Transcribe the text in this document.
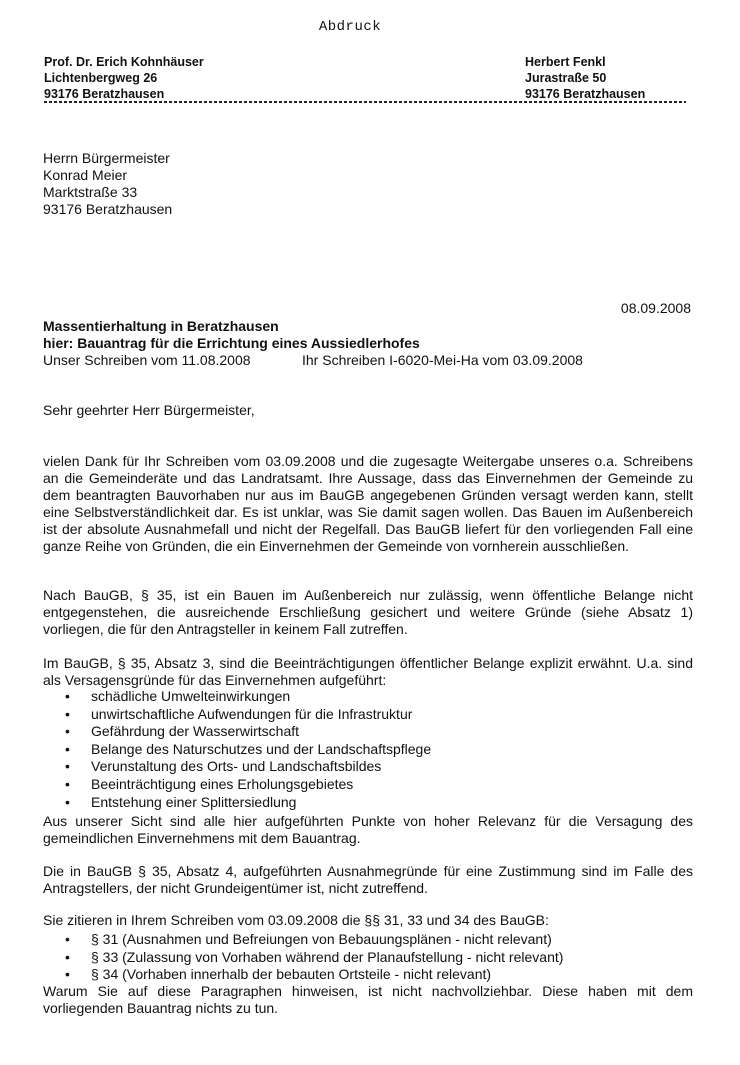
Abdruck
Prof. Dr. Erich Kohnhäuser
Lichtenbergweg 26
93176 Beratzhausen
Herbert Fenkl
Jurastraße 50
93176 Beratzhausen
Herrn Bürgermeister
Konrad Meier
Marktstraße 33
93176 Beratzhausen
08.09.2008
Massentierhaltung in Beratzhausen
hier: Bauantrag für die Errichtung eines Aussiedlerhofes
Unser Schreiben vom 11.08.2008	Ihr Schreiben I-6020-Mei-Ha vom 03.09.2008
Sehr geehrter Herr Bürgermeister,
vielen Dank für Ihr Schreiben vom 03.09.2008 und die zugesagte Weitergabe unseres o.a. Schreibens an die Gemeinderäte und das Landratsamt. Ihre Aussage, dass das Einvernehmen der Gemeinde zu dem beantragten Bauvorhaben nur aus im BauGB angegebenen Gründen versagt werden kann, stellt eine Selbstverständlichkeit dar. Es ist unklar, was Sie damit sagen wollen. Das Bauen im Außenbereich ist der absolute Ausnahmefall und nicht der Regelfall. Das BauGB liefert für den vorliegenden Fall eine ganze Reihe von Gründen, die ein Einvernehmen der Gemeinde von vornherein ausschließen.
Nach BauGB, § 35, ist ein Bauen im Außenbereich nur zulässig, wenn öffentliche Belange nicht entgegenstehen, die ausreichende Erschließung gesichert und weitere Gründe (siehe Absatz 1) vorliegen, die für den Antragsteller in keinem Fall zutreffen.
Im BauGB, § 35, Absatz 3, sind die Beeinträchtigungen öffentlicher Belange explizit erwähnt. U.a. sind als Versagensgründe für das Einvernehmen aufgeführt:
• schädliche Umwelteinwirkungen
• unwirtschaftliche Aufwendungen für die Infrastruktur
• Gefährdung der Wasserwirtschaft
• Belange des Naturschutzes und der Landschaftspflege
• Verunstaltung des Orts- und Landschaftsbildes
• Beeinträchtigung eines Erholungsgebietes
• Entstehung einer Splittersiedlung
Aus unserer Sicht sind alle hier aufgeführten Punkte von hoher Relevanz für die Versagung des gemeindlichen Einvernehmens mit dem Bauantrag.
Die in BauGB § 35, Absatz 4, aufgeführten Ausnahmegründe für eine Zustimmung sind im Falle des Antragstellers, der nicht Grundeigentümer ist, nicht zutreffend.
Sie zitieren in Ihrem Schreiben vom 03.09.2008 die §§ 31, 33 und 34 des BauGB:
• § 31 (Ausnahmen und Befreiungen von Bebauungsplänen - nicht relevant)
• § 33 (Zulassung von Vorhaben während der Planaufstellung - nicht relevant)
• § 34 (Vorhaben innerhalb der bebauten Ortsteile - nicht relevant)
Warum Sie auf diese Paragraphen hinweisen, ist nicht nachvollziehbar. Diese haben mit dem vorliegenden Bauantrag nichts zu tun.
